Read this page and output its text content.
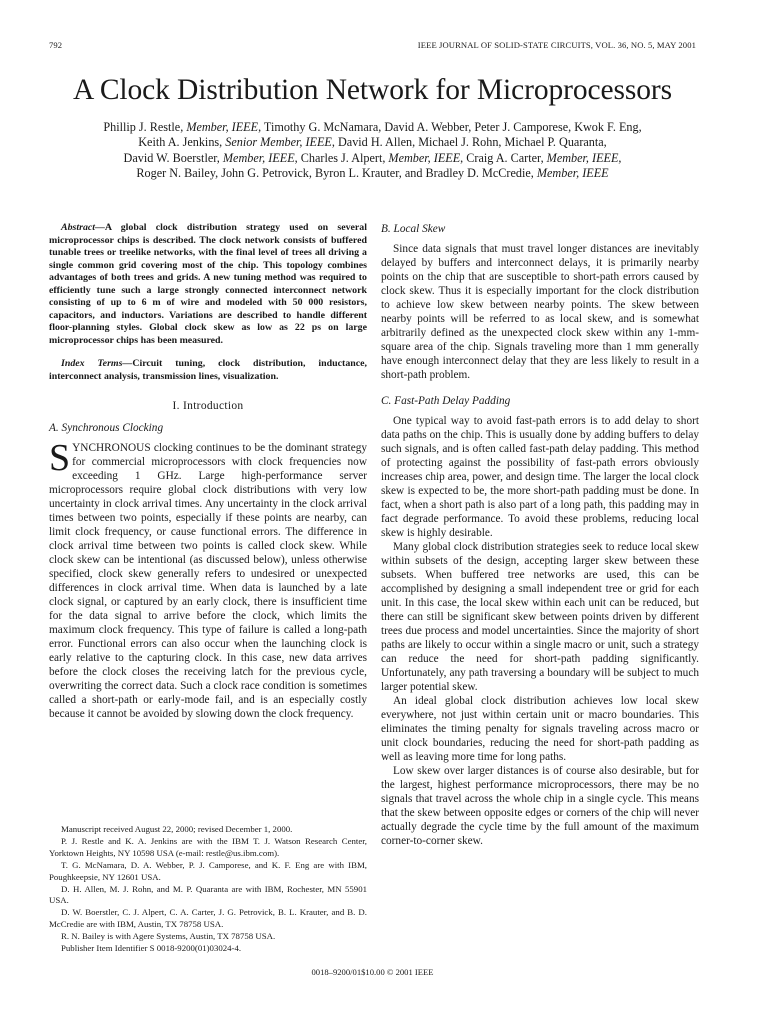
792	IEEE JOURNAL OF SOLID-STATE CIRCUITS, VOL. 36, NO. 5, MAY 2001
A Clock Distribution Network for Microprocessors
Phillip J. Restle, Member, IEEE, Timothy G. McNamara, David A. Webber, Peter J. Camporese, Kwok F. Eng,
Keith A. Jenkins, Senior Member, IEEE, David H. Allen, Michael J. Rohn, Michael P. Quaranta,
David W. Boerstler, Member, IEEE, Charles J. Alpert, Member, IEEE, Craig A. Carter, Member, IEEE,
Roger N. Bailey, John G. Petrovick, Byron L. Krauter, and Bradley D. McCredie, Member, IEEE

Abstract—A global clock distribution strategy used on several microprocessor chips is described. The clock network consists of buffered tunable trees or treelike networks, with the final level of trees all driving a single common grid covering most of the chip. This topology combines advantages of both trees and grids. A new tuning method was required to efficiently tune such a large strongly connected interconnect network consisting of up to 6 m of wire and modeled with 50 000 resistors, capacitors, and inductors. Variations are described to handle different floor-planning styles. Global clock skew as low as 22 ps on large microprocessor chips has been measured.

Index Terms—Circuit tuning, clock distribution, inductance, interconnect analysis, transmission lines, visualization.

I. Introduction
A. Synchronous Clocking

SYNCHRONOUS clocking continues to be the dominant strategy for commercial microprocessors with clock frequencies now exceeding 1 GHz. Large high-performance server microprocessors require global clock distributions with very low uncertainty in clock arrival times. Any uncertainty in the clock arrival times between two points, especially if these points are nearby, can limit clock frequency, or cause functional errors. The difference in clock arrival time between two points is called clock skew. While clock skew can be intentional (as discussed below), unless otherwise specified, clock skew generally refers to undesired or unexpected differences in clock arrival time. When data is launched by a late clock signal, or captured by an early clock, there is insufficient time for the data signal to arrive before the clock, which limits the maximum clock frequency. This type of failure is called a long-path error. Functional errors can also occur when the launching clock is early relative to the capturing clock. In this case, new data arrives before the clock closes the receiving latch for the previous cycle, overwriting the correct data. Such a clock race condition is sometimes called a short-path or early-mode fail, and is an especially costly because it cannot be avoided by slowing down the clock frequency.

Manuscript received August 22, 2000; revised December 1, 2000.

P. J. Restle and K. A. Jenkins are with the IBM T. J. Watson Research Center, Yorktown Heights, NY 10598 USA (e-mail: restle@us.ibm.com).

T. G. McNamara, D. A. Webber, P. J. Camporese, and K. F. Eng are with IBM, Poughkeepsie, NY 12601 USA.

D. H. Allen, M. J. Rohn, and M. P. Quaranta are with IBM, Rochester, MN 55901 USA.

D. W. Boerstler, C. J. Alpert, C. A. Carter, J. G. Petrovick, B. L. Krauter, and B. D. McCredie are with IBM, Austin, TX 78758 USA.

R. N. Bailey is with Agere Systems, Austin, TX 78758 USA.

Publisher Item Identifier S 0018-9200(01)03024-4.

B. Local Skew

Since data signals that must travel longer distances are inevitably delayed by buffers and interconnect delays, it is primarily nearby points on the chip that are susceptible to short-path errors caused by clock skew. Thus it is especially important for the clock distribution to achieve low skew between nearby points. The skew between nearby points will be referred to as local skew, and is somewhat arbitrarily defined as the unexpected clock skew within any 1-mm-square area of the chip. Signals traveling more than 1 mm generally have enough interconnect delay that they are less likely to result in a short-path problem.

C. Fast-Path Delay Padding

One typical way to avoid fast-path errors is to add delay to short data paths on the chip. This is usually done by adding buffers to delay such signals, and is often called fast-path delay padding. This method of protecting against the possibility of fast-path errors obviously increases chip area, power, and design time. The larger the local clock skew is expected to be, the more short-path padding must be done. In fact, when a short path is also part of a long path, this padding may in fact degrade performance. To avoid these problems, reducing local skew is highly desirable.

Many global clock distribution strategies seek to reduce local skew within subsets of the design, accepting larger skew between these subsets. When buffered tree networks are used, this can be accomplished by designing a small independent tree or grid for each unit. In this case, the local skew within each unit can be reduced, but there can still be significant skew between points driven by different trees due process and model uncertainties. Since the majority of short paths are likely to occur within a single macro or unit, such a strategy can reduce the need for short-path padding significantly. Unfortunately, any path traversing a boundary will be subject to much larger potential skew.

An ideal global clock distribution achieves low local skew everywhere, not just within certain unit or macro boundaries. This eliminates the timing penalty for signals traveling across macro or unit clock boundaries, reducing the need for short-path padding as well as leaving more time for long paths.

Low skew over larger distances is of course also desirable, but for the largest, highest performance microprocessors, there may be no signals that travel across the whole chip in a single cycle. This means that the skew between opposite edges or corners of the chip will never actually degrade the cycle time by the full amount of the maximum corner-to-corner skew.

0018–9200/01$10.00 © 2001 IEEE
